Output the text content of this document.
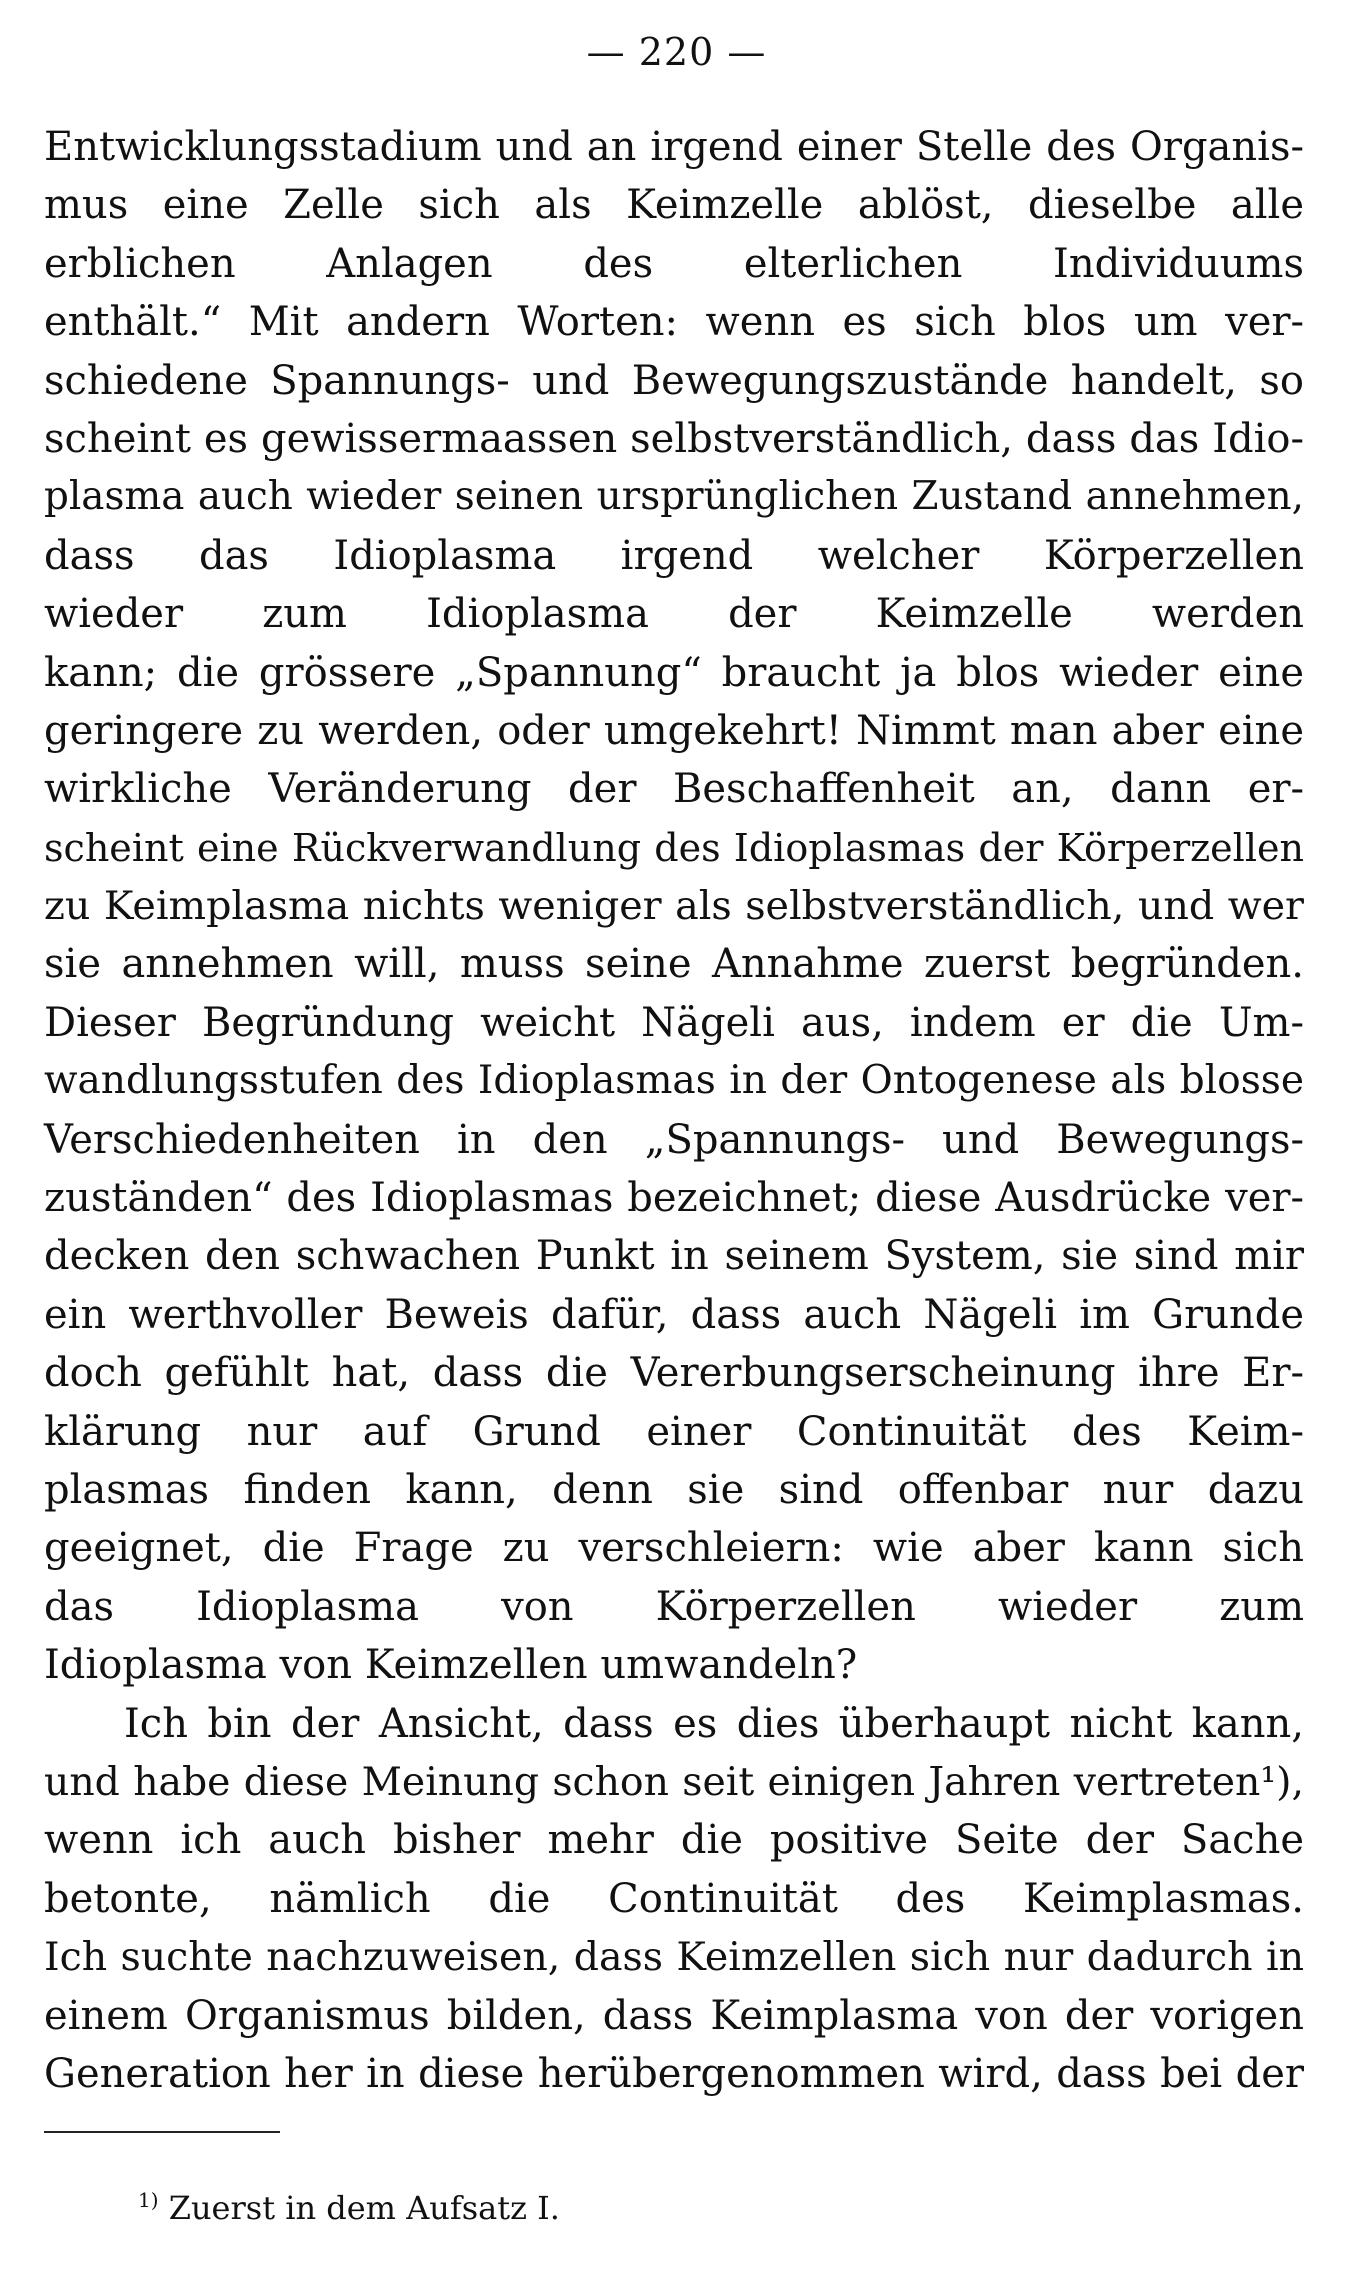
— 220 —
Entwicklungsstadium und an irgend einer Stelle des Organis-
mus eine Zelle sich als Keimzelle ablöst, dieselbe alle
erblichen Anlagen des elterlichen Individuums
enthält.“ Mit andern Worten: wenn es sich blos um ver-
schiedene Spannungs- und Bewegungszustände handelt, so
scheint es gewissermaassen selbstverständlich, dass das Idio-
plasma auch wieder seinen ursprünglichen Zustand annehmen,
dass das Idioplasma irgend welcher Körperzellen
wieder zum Idioplasma der Keimzelle werden
kann; die grössere „Spannung“ braucht ja blos wieder eine
geringere zu werden, oder umgekehrt! Nimmt man aber eine
wirkliche Veränderung der Beschaffenheit an, dann er-
scheint eine Rückverwandlung des Idioplasmas der Körperzellen
zu Keimplasma nichts weniger als selbstverständlich, und wer
sie annehmen will, muss seine Annahme zuerst begründen.
Dieser Begründung weicht Nägeli aus, indem er die Um-
wandlungsstufen des Idioplasmas in der Ontogenese als blosse
Verschiedenheiten in den „Spannungs- und Bewegungs-
zuständen“ des Idioplasmas bezeichnet; diese Ausdrücke ver-
decken den schwachen Punkt in seinem System, sie sind mir
ein werthvoller Beweis dafür, dass auch Nägeli im Grunde
doch gefühlt hat, dass die Vererbungserscheinung ihre Er-
klärung nur auf Grund einer Continuität des Keim-
plasmas finden kann, denn sie sind offenbar nur dazu
geeignet, die Frage zu verschleiern: wie aber kann sich
das Idioplasma von Körperzellen wieder zum
Idioplasma von Keimzellen umwandeln?
Ich bin der Ansicht, dass es dies überhaupt nicht kann,
und habe diese Meinung schon seit einigen Jahren vertreten¹),
wenn ich auch bisher mehr die positive Seite der Sache
betonte, nämlich die Continuität des Keimplasmas.
Ich suchte nachzuweisen, dass Keimzellen sich nur dadurch in
einem Organismus bilden, dass Keimplasma von der vorigen
Generation her in diese herübergenommen wird, dass bei der
$^{1)}$ Zuerst in dem Aufsatz I.
